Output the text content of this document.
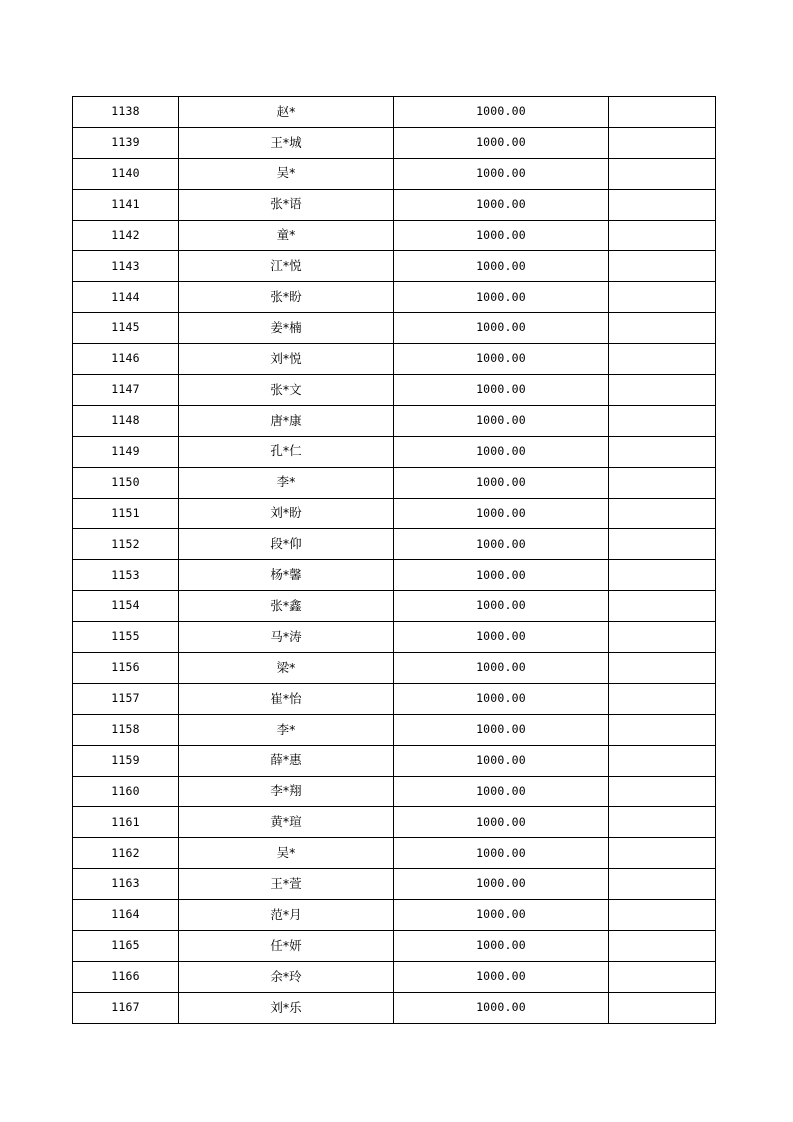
1138	赵*	1000.00	
1139	王*城	1000.00	
1140	吴*	1000.00	
1141	张*语	1000.00	
1142	童*	1000.00	
1143	江*悦	1000.00	
1144	张*盼	1000.00	
1145	姜*楠	1000.00	
1146	刘*悦	1000.00	
1147	张*文	1000.00	
1148	唐*康	1000.00	
1149	孔*仁	1000.00	
1150	李*	1000.00	
1151	刘*盼	1000.00	
1152	段*仰	1000.00	
1153	杨*馨	1000.00	
1154	张*鑫	1000.00	
1155	马*涛	1000.00	
1156	梁*	1000.00	
1157	崔*怡	1000.00	
1158	李*	1000.00	
1159	薛*惠	1000.00	
1160	李*翔	1000.00	
1161	黄*瑄	1000.00	
1162	吴*	1000.00	
1163	王*萱	1000.00	
1164	范*月	1000.00	
1165	任*妍	1000.00	
1166	余*玲	1000.00	
1167	刘*乐	1000.00	
